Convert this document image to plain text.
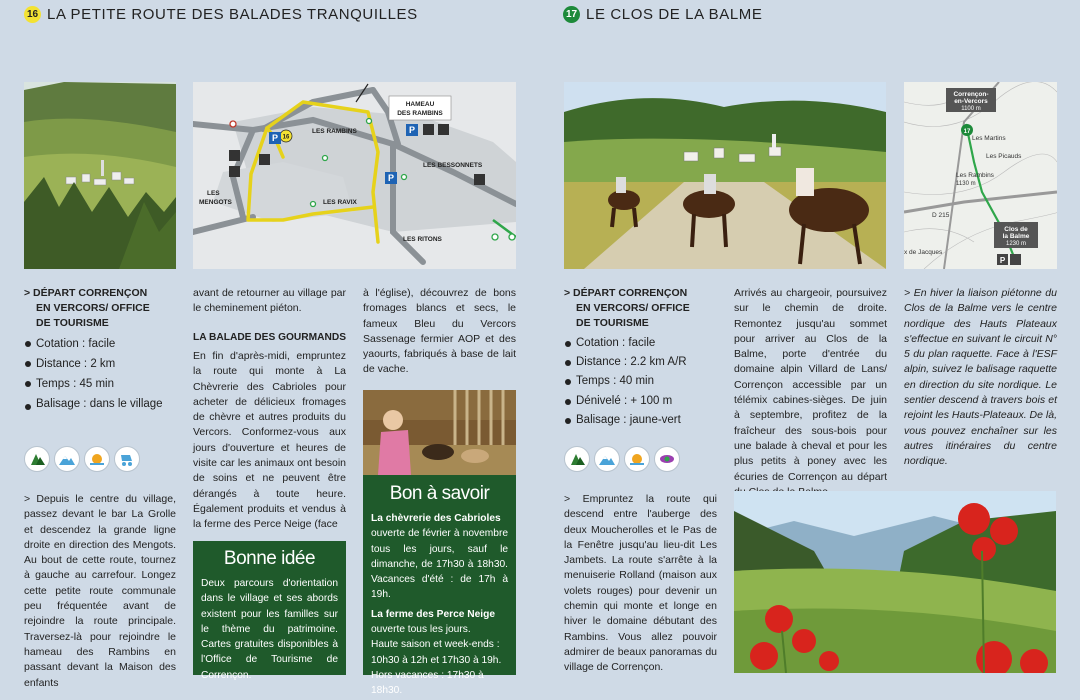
16 LA PETITE ROUTE DES BALADES TRANQUILLES	17 LE CLOS DE LA BALME
16
P
P
P
HAMEAU
DES RAMBINS
LES RAMBINS
LES BESSONNETS
LES RAVIX
LES
MENGOTS
LES RITONS
> DÉPART CORRENÇON
EN VERCORS/ OFFICE
DE TOURISME
Cotation : facile
Distance : 2 km
Temps : 45 min
Balisage : dans le village
> Depuis le centre du village, passez devant le bar La Grolle et descendez la grande ligne droite en direction des Mengots. Au bout de cette route, tournez à gauche au carrefour. Longez cette petite route communale peu fréquentée avant de rejoindre la route principale. Traversez-là pour rejoindre le hameau des Rambins en passant devant la Maison des enfants
avant de retourner au village par le cheminement piéton.
LA BALADE DES GOURMANDS
En fin d'après-midi, empruntez la route qui monte à La Chèvrerie des Cabrioles pour acheter de délicieux fromages de chèvre et autres produits du Vercors. Conformez-vous aux jours d'ouverture et heures de visite car les animaux ont besoin de soins et ne peuvent être dérangés à toute heure. Également produits et vendus à la ferme des Perce Neige (face
Bonne idée

Deux parcours d'orientation dans le village et ses abords existent pour les familles sur le thème du patrimoine. Cartes gratuites disponibles à l'Office de Tourisme de Corrençon.

à l'église), découvrez de bons fromages blancs et secs, le fameux Bleu du Vercors Sassenage fermier AOP et des yaourts, fabriqués à base de lait de vache.
Bon à savoir

La chèvrerie des Cabrioles

ouverte de février à novembre tous les jours, sauf le dimanche, de 17h30 à 18h30. Vacances d'été : de 17h à 19h.

La ferme des Perce Neige

ouverte tous les jours.

Haute saison et week-ends :

10h30 à 12h et 17h30 à 19h.

Hors vacances : 17h30 à 18h30.

17
Corrençon-
en-Vercors
1100 m
Les Martins
Les Picauds
Les Rambins
1130 m
D 215
x de Jacques
Clos de
la Balme
1230 m
P
> DÉPART CORRENÇON
EN VERCORS/ OFFICE
DE TOURISME
Cotation : facile
Distance : 2.2 km A/R
Temps : 40 min
Dénivelé : + 100 m
Balisage : jaune-vert
> Empruntez la route qui descend entre l'auberge des deux Moucherolles et le Pas de la Fenêtre jusqu'au lieu-dit Les Jambets. La route s'arrête à la menuiserie Rolland (maison aux volets rouges) pour devenir un chemin qui monte et longe en hiver le domaine débutant des Rambins. Vous allez pouvoir admirer de beaux panoramas du village de Corrençon.
Arrivés au chargeoir, poursuivez sur le chemin de droite. Remontez jusqu'au sommet pour arriver au Clos de la Balme, porte d'entrée du domaine alpin Villard de Lans/ Corrençon accessible par un télémix cabines-sièges. De juin à septembre, profitez de la fraîcheur des sous-bois pour une balade à cheval et pour les plus petits à poney avec les écuries de Corrençon au départ
> En hiver la liaison piétonne du Clos de la Balme vers le centre nordique des Hauts Plateaux s'effectue en suivant le circuit N° 5 du plan raquette. Face à l'ESF alpin, suivez le balisage raquette en direction du site nordique. Le sentier descend à travers bois et rejoint les Hauts-Plateaux. De là, vous pouvez enchaîner sur les autres itinéraires du centre nordique.
